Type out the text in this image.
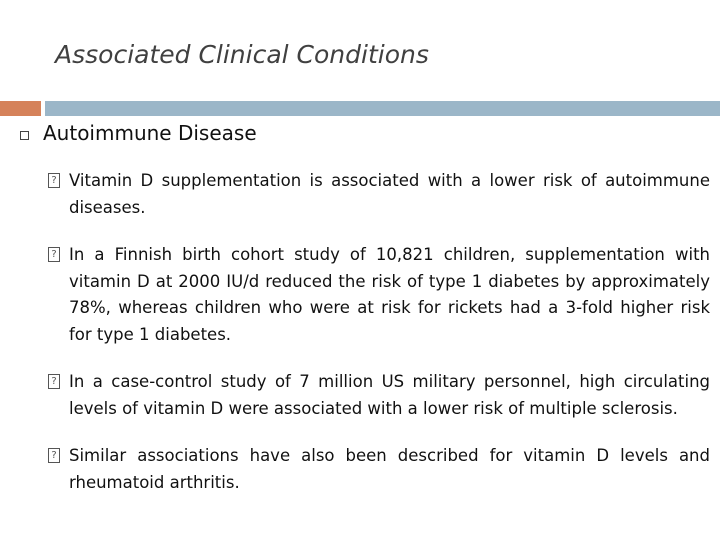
Associated Clinical Conditions
Autoimmune Disease
? Vitamin D supplementation is associated with a lower risk of autoimmune diseases.
? In a Finnish birth cohort study of 10,821 children, supplementation with vitamin D at 2000 IU/d reduced the risk of type 1 diabetes by approximately 78%, whereas children who were at risk for rickets had a 3-fold higher risk for type 1 diabetes.
? In a case-control study of 7 million US military personnel, high circulating levels of vitamin D were associated with a lower risk of multiple sclerosis.
? Similar associations have also been described for vitamin D levels and rheumatoid arthritis.
